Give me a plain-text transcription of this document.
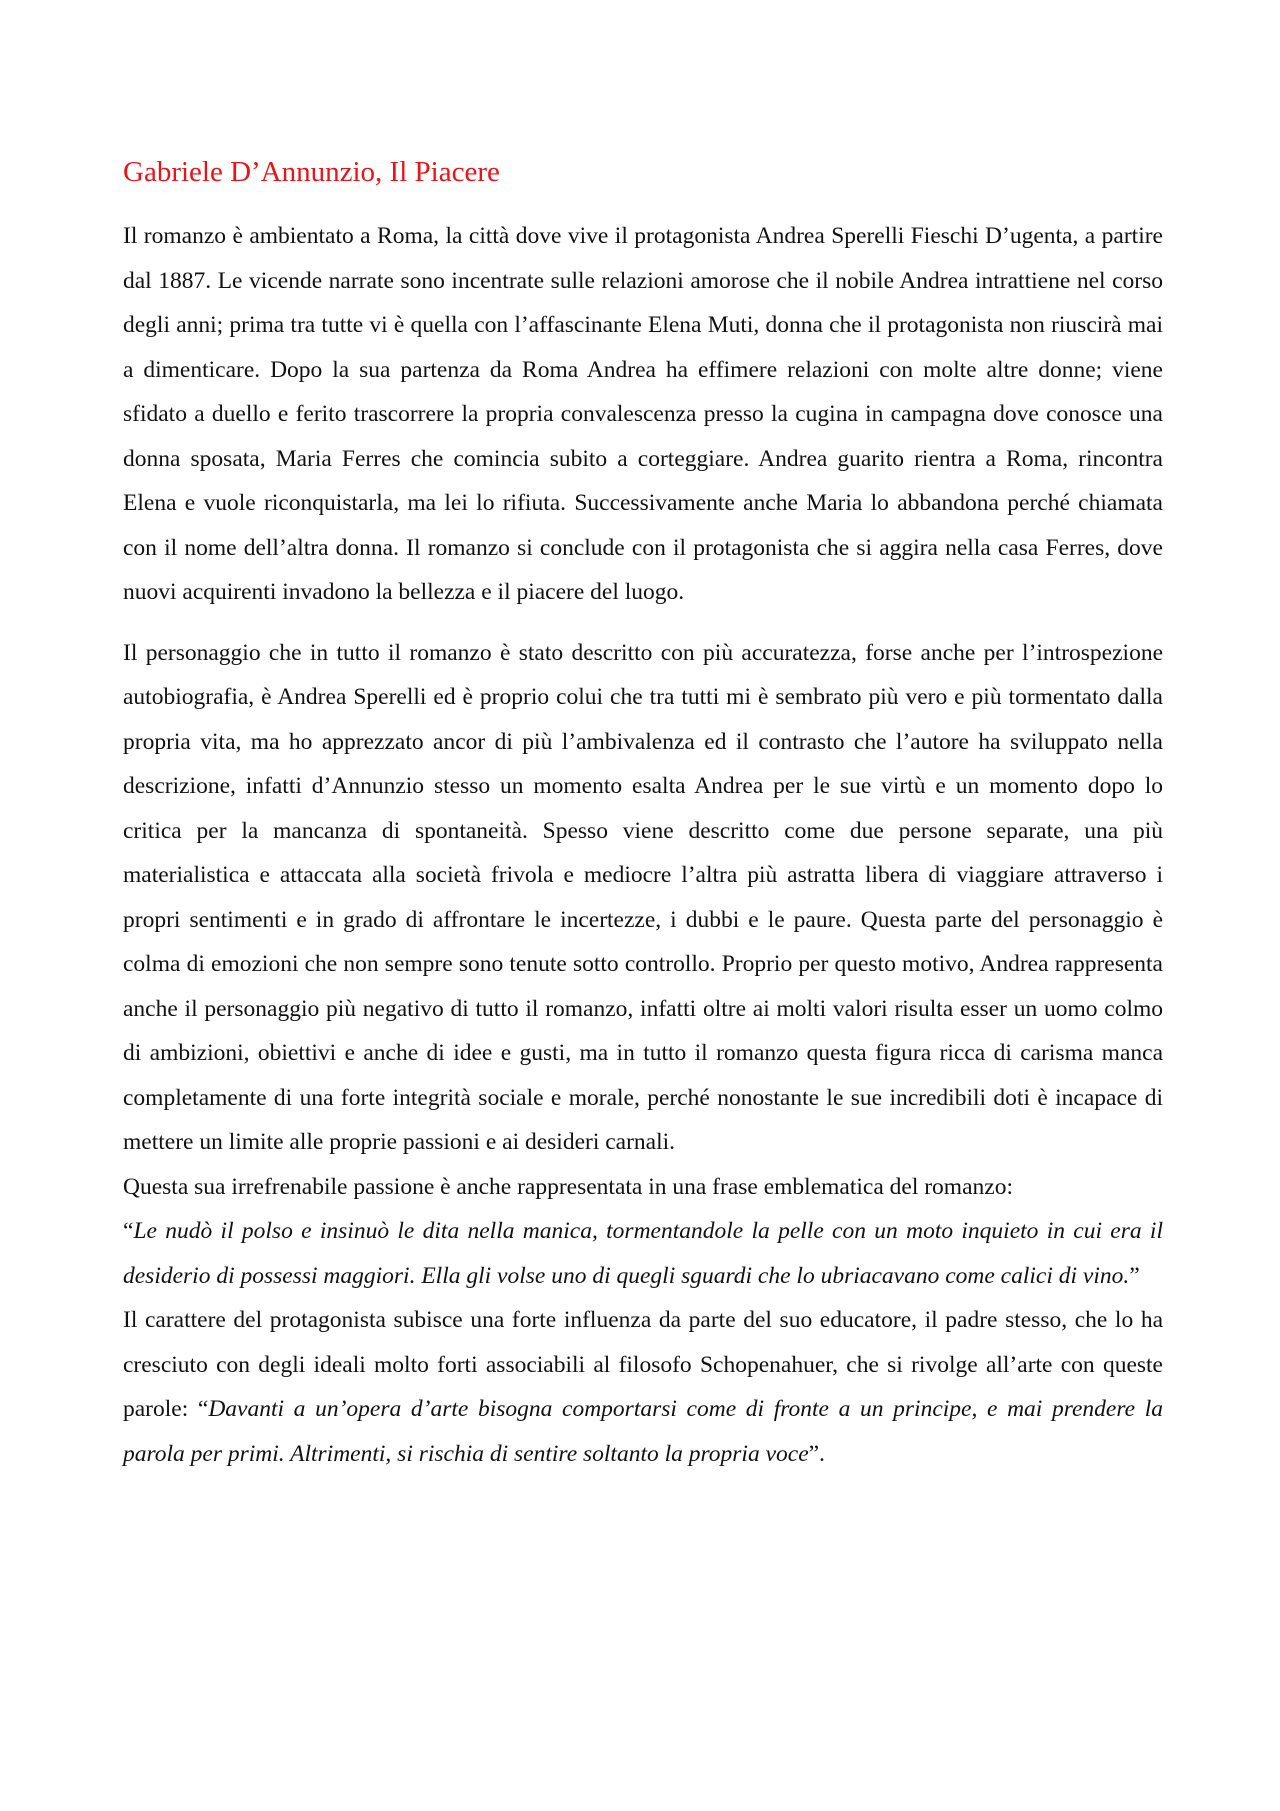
Gabriele D’Annunzio, Il Piacere

Il romanzo è ambientato a Roma, la città dove vive il protagonista Andrea Sperelli Fieschi D’ugenta, a partire dal 1887. Le vicende narrate sono incentrate sulle relazioni amorose che il nobile Andrea intrattiene nel corso degli anni; prima tra tutte vi è quella con l’affascinante Elena Muti, donna che il protagonista non riuscirà mai a dimenticare. Dopo la sua partenza da Roma Andrea ha effimere relazioni con molte altre donne; viene sfidato a duello e ferito trascorrere la propria convalescenza presso la cugina in campagna dove conosce una donna sposata, Maria Ferres che comincia subito a corteggiare. Andrea guarito rientra a Roma, rincontra Elena e vuole riconquistarla, ma lei lo rifiuta. Successivamente anche Maria lo abbandona perché chiamata con il nome dell’altra donna. Il romanzo si conclude con il protagonista che si aggira nella casa Ferres, dove nuovi acquirenti invadono la bellezza e il piacere del luogo.

Il personaggio che in tutto il romanzo è stato descritto con più accuratezza, forse anche per l’introspezione autobiografia, è Andrea Sperelli ed è proprio colui che tra tutti mi è sembrato più vero e più tormentato dalla propria vita, ma ho apprezzato ancor di più l’ambivalenza ed il contrasto che l’autore ha sviluppato nella descrizione, infatti d’Annunzio stesso un momento esalta Andrea per le sue virtù e un momento dopo lo critica per la mancanza di spontaneità. Spesso viene descritto come due persone separate, una più materialistica e attaccata alla società frivola e mediocre l’altra più astratta libera di viaggiare attraverso i propri sentimenti e in grado di affrontare le incertezze, i dubbi e le paure. Questa parte del personaggio è colma di emozioni che non sempre sono tenute sotto controllo. Proprio per questo motivo, Andrea rappresenta anche il personaggio più negativo di tutto il romanzo, infatti oltre ai molti valori risulta esser un uomo colmo di ambizioni, obiettivi e anche di idee e gusti, ma in tutto il romanzo questa figura ricca di carisma manca completamente di una forte integrità sociale e morale, perché nonostante le sue incredibili doti è incapace di mettere un limite alle proprie passioni e ai desideri carnali.

Questa sua irrefrenabile passione è anche rappresentata in una frase emblematica del romanzo:

“Le nudò il polso e insinuò le dita nella manica, tormentandole la pelle con un moto inquieto in cui era il desiderio di possessi maggiori. Ella gli volse uno di quegli sguardi che lo ubriacavano come calici di vino.”

Il carattere del protagonista subisce una forte influenza da parte del suo educatore, il padre stesso, che lo ha cresciuto con degli ideali molto forti associabili al filosofo Schopenahuer, che si rivolge all’arte con queste parole: “Davanti a un’opera d’arte bisogna comportarsi come di fronte a un principe, e mai prendere la parola per primi. Altrimenti, si rischia di sentire soltanto la propria voce”.
